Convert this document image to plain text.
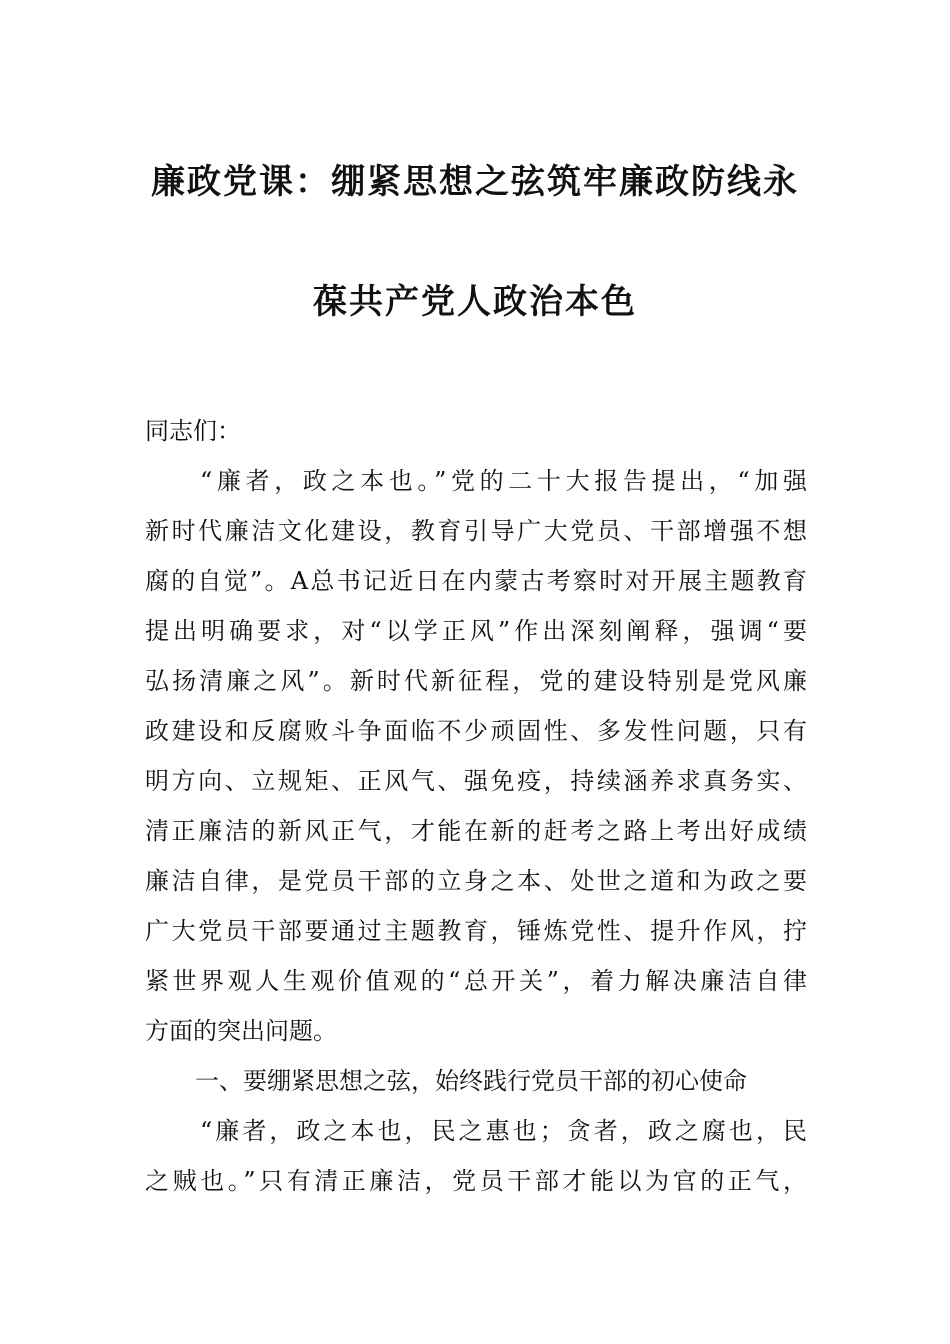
廉政党课：绷紧思想之弦筑牢廉政防线永
葆共产党人政治本色
同志们：
“廉者，政之本也。”党的二十大报告提出，“加强
新时代廉洁文化建设，教育引导广大党员、干部增强不想
腐的自觉”。A总书记近日在内蒙古考察时对开展主题教育
提出明确要求，对“以学正风”作出深刻阐释，强调“要
弘扬清廉之风”。新时代新征程，党的建设特别是党风廉
政建设和反腐败斗争面临不少顽固性、多发性问题，只有
明方向、立规矩、正风气、强免疫，持续涵养求真务实、
清正廉洁的新风正气，才能在新的赶考之路上考出好成绩
廉洁自律，是党员干部的立身之本、处世之道和为政之要
广大党员干部要通过主题教育，锤炼党性、提升作风，拧
紧世界观人生观价值观的“总开关”，着力解决廉洁自律
方面的突出问题。
一、要绷紧思想之弦，始终践行党员干部的初心使命
“廉者，政之本也，民之惠也；贪者，政之腐也，民
之贼也。”只有清正廉洁，党员干部才能以为官的正气，
